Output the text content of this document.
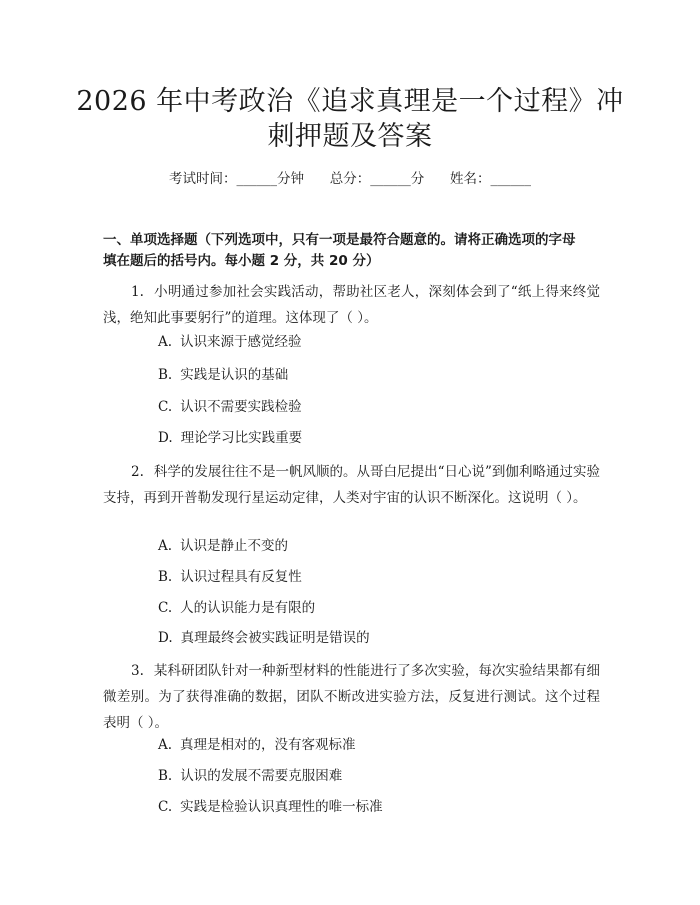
2026 年中考政治《追求真理是一个过程》冲
刺押题及答案
考试时间：______分钟      总分：______分      姓名：______
一、单项选择题（下列选项中，只有一项是最符合题意的。请将正确选项的字母
填在题后的括号内。每小题 2 分，共 20 分）
1. 小明通过参加社会实践活动，帮助社区老人，深刻体会到了“纸上得来终觉浅，绝知此事要躬行”的道理。这体现了（ ）。
A. 认识来源于感觉经验
B. 实践是认识的基础
C. 认识不需要实践检验
D. 理论学习比实践重要
2. 科学的发展往往不是一帆风顺的。从哥白尼提出“日心说”到伽利略通过实验支持，再到开普勒发现行星运动定律，人类对宇宙的认识不断深化。这说明（ ）。
A. 认识是静止不变的
B. 认识过程具有反复性
C. 人的认识能力是有限的
D. 真理最终会被实践证明是错误的
3. 某科研团队针对一种新型材料的性能进行了多次实验，每次实验结果都有细微差别。为了获得准确的数据，团队不断改进实验方法，反复进行测试。这个过程表明（ ）。
A. 真理是相对的，没有客观标准
B. 认识的发展不需要克服困难
C. 实践是检验认识真理性的唯一标准
